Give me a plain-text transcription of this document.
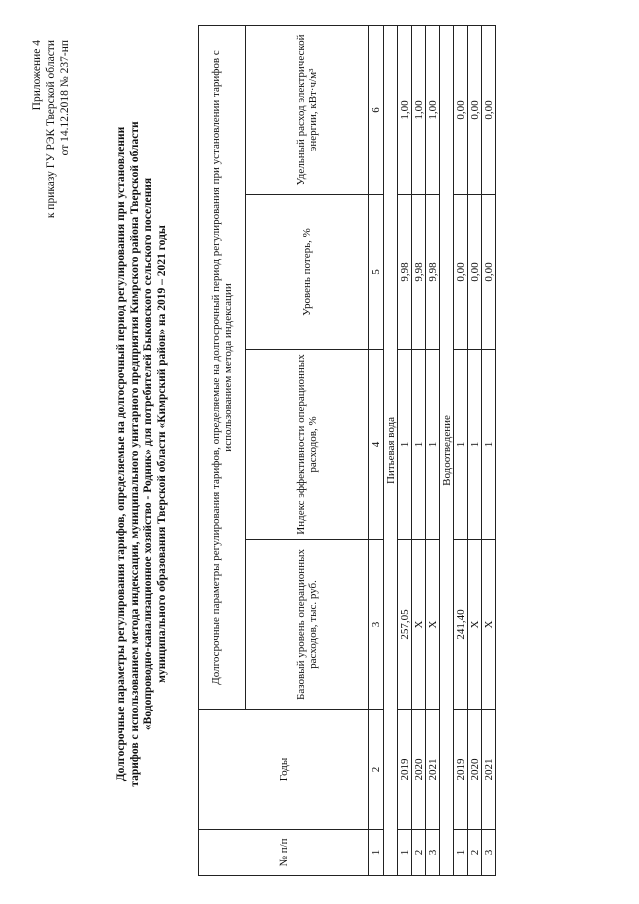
Приложение 4 к приказу ГУ РЭК Тверской области от 14.12.2018 № 237-нп
Долгосрочные параметры регулирования тарифов, определяемые на долгосрочный период регулирования при установлении тарифов с использованием метода индексации, муниципального унитарного предприятия Кимрского района Тверской области «Водопроводно-канализационное хозяйство - Родник» для потребителей Быковского сельского поселения муниципального образования Тверской области «Кимрский район» на 2019 – 2021 годы
№ п/п	Годы	Долгосрочные параметры регулирования тарифов, определяемые на долгосрочный период регулирования при установлении тарифов с использованием метода индексации			
		Базовый уровень операционных расходов, тыс. руб.	Индекс эффективности операционных расходов, %	Уровень потерь, %	Удельный расход электрической энергии, кВт·ч/м³
1	2	3	4	5	6
Питьевая вода					
1	2019	257,05	1	9,98	1,00
2	2020	X	1	9,98	1,00
3	2021	X	1	9,98	1,00
Водоотведение					
1	2019	241,40	1	0,00	0,00
2	2020	X	1	0,00	0,00
3	2021	X	1	0,00	0,00
